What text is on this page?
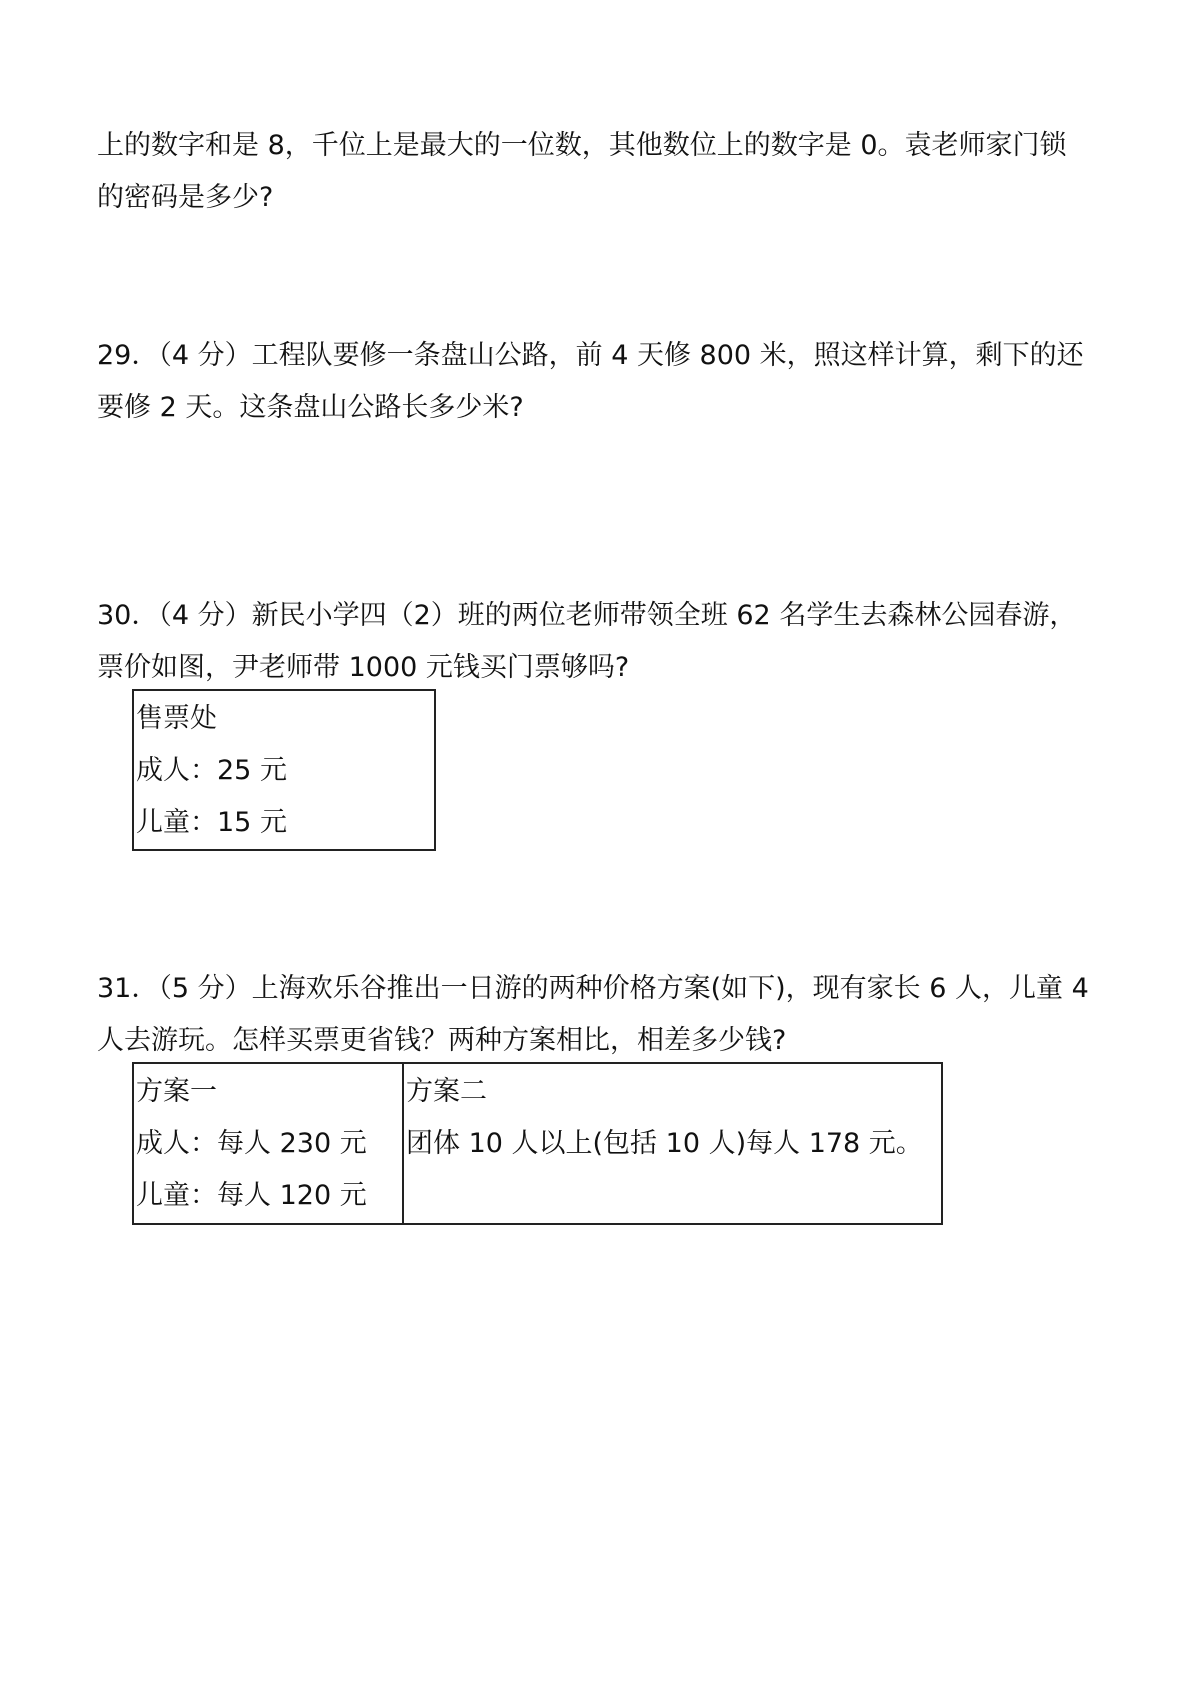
上的数字和是 8，千位上是最大的一位数，其他数位上的数字是 0。袁老师家门锁
的密码是多少?
29．（4 分）工程队要修一条盘山公路，前 4 天修 800 米，照这样计算，剩下的还
要修 2 天。这条盘山公路长多少米?
30．（4 分）新民小学四（2）班的两位老师带领全班 62 名学生去森林公园春游，
票价如图，尹老师带 1000 元钱买门票够吗?
售票处
成人：25 元
儿童：15 元
31．（5 分）上海欢乐谷推出一日游的两种价格方案(如下)，现有家长 6 人，儿童 4
人去游玩。怎样买票更省钱？两种方案相比，相差多少钱?
方案一
成人：每人 230 元
儿童：每人 120 元
方案二
团体 10 人以上(包括 10 人)每人 178 元。
